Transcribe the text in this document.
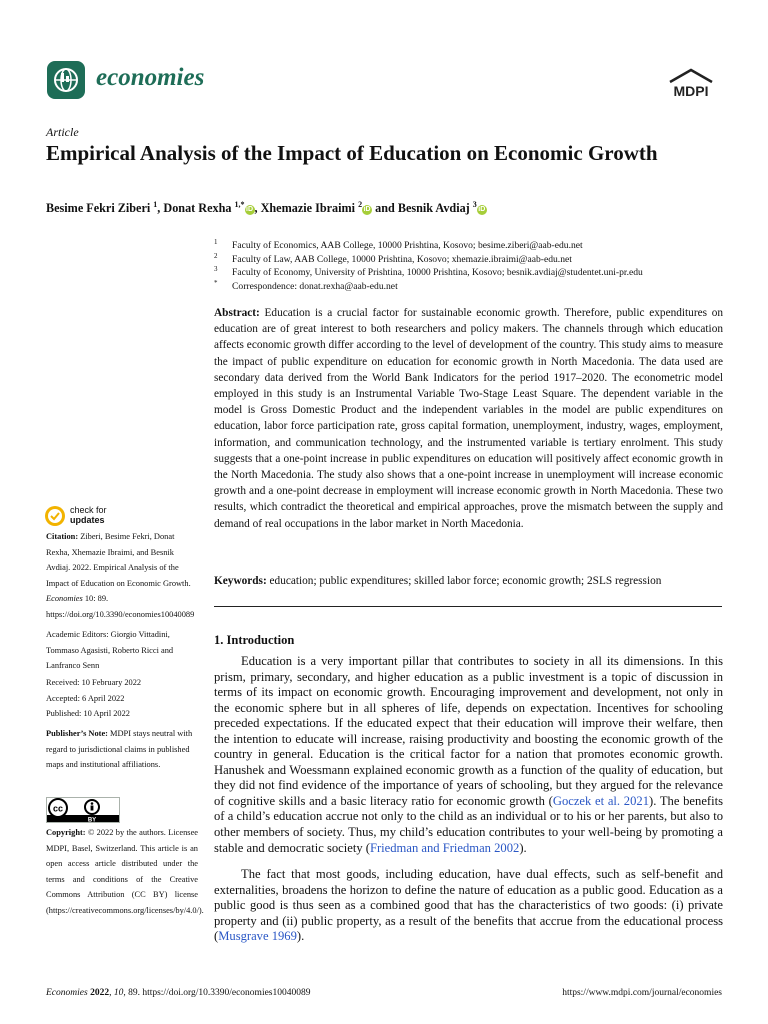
economies	MDPI
Article
Empirical Analysis of the Impact of Education on Economic Growth
Besime Fekri Ziberi $^1$, Donat Rexha $^{1,*}$iD , Xhemazie Ibraimi $^2$iD and Besnik Avdiaj $^3$iD
1 Faculty of Economics, AAB College, 10000 Prishtina, Kosovo; besime.ziberi@aab-edu.net
2 Faculty of Law, AAB College, 10000 Prishtina, Kosovo; xhemazie.ibraimi@aab-edu.net
3 Faculty of Economy, University of Prishtina, 10000 Prishtina, Kosovo; besnik.avdiaj@studentet.uni-pr.edu
* Correspondence: donat.rexha@aab-edu.net
Abstract: Education is a crucial factor for sustainable economic growth. Therefore, public expenditures on education are of great interest to both researchers and policy makers. The channels through which education affects economic growth differ according to the level of development of the country. This study aims to measure the impact of public expenditure on education for economic growth in North Macedonia. The data used are secondary data derived from the World Bank Indicators for the period 1917–2020. The econometric model employed in this study is an Instrumental Variable Two-Stage Least Square. The dependent variable in the model is Gross Domestic Product and the independent variables in the model are public expenditures on education, labor force participation rate, gross capital formation, unemployment, industry, wages, employment, information, and communication technology, and the instrumented variable is tertiary enrolment. This study suggests that a one-point increase in public expenditures on education will positively affect economic growth in the North Macedonia. The study also shows that a one-point increase in unemployment will increase economic growth and a one-point decrease in employment will increase economic growth in North Macedonia. These two results, which contradict the theoretical and empirical approaches, prove the mismatch between the supply and demand of real occupations in the labor market in North Macedonia.
Keywords: education; public expenditures; skilled labor force; economic growth; 2SLS regression
check for
updates
Citation: Ziberi, Besime Fekri, Donat Rexha, Xhemazie Ibraimi, and Besnik Avdiaj. 2022. Empirical Analysis of the Impact of Education on Economic Growth. Economies 10: 89. https://doi.org/10.3390/economies10040089
Academic Editors: Giorgio Vittadini, Tommaso Agasisti, Roberto Ricci and Lanfranco Senn
Received: 10 February 2022
Accepted: 6 April 2022
Published: 10 April 2022
Publisher’s Note: MDPI stays neutral with regard to jurisdictional claims in published maps and institutional affiliations.
cc
BY
Copyright: © 2022 by the authors. Licensee MDPI, Basel, Switzerland. This article is an open access article distributed under the terms and conditions of the Creative Commons Attribution (CC BY) license (https://creativecommons.org/licenses/by/4.0/).
1. Introduction
Education is a very important pillar that contributes to society in all its dimensions. In this prism, primary, secondary, and higher education as a public investment is a topic of discussion in terms of its impact on economic growth. Encouraging improvement and development, not only in the economic sphere but in all spheres of life, depends on expectation. Incentives for schooling preceded expectations. If the educated expect that their education will improve their welfare, then the intention to educate will increase, raising productivity and boosting the economic growth of the country in general. Education is the critical factor for a nation that promotes economic growth. Hanushek and Woessmann explained economic growth as a function of the quality of education, but they did not find evidence of the importance of years of schooling, but they argued for the relevance of cognitive skills and a basic literacy ratio for economic growth (Goczek et al. 2021). The benefits of a child’s education accrue not only to the child as an individual or to his or her parents, but also to other members of society. Thus, my child’s education contributes to your well-being by promoting a stable and democratic society (Friedman and Friedman 2002).
The fact that most goods, including education, have dual effects, such as self-benefit and externalities, broadens the horizon to define the nature of education as a public good. Education as a public good is thus seen as a combined good that has the characteristics of two goods: (i) private property and (ii) public property, as a result of the benefits that accrue from the educational process (Musgrave 1969).
Economies 2022, 10, 89. https://doi.org/10.3390/economies10040089	https://www.mdpi.com/journal/economies
